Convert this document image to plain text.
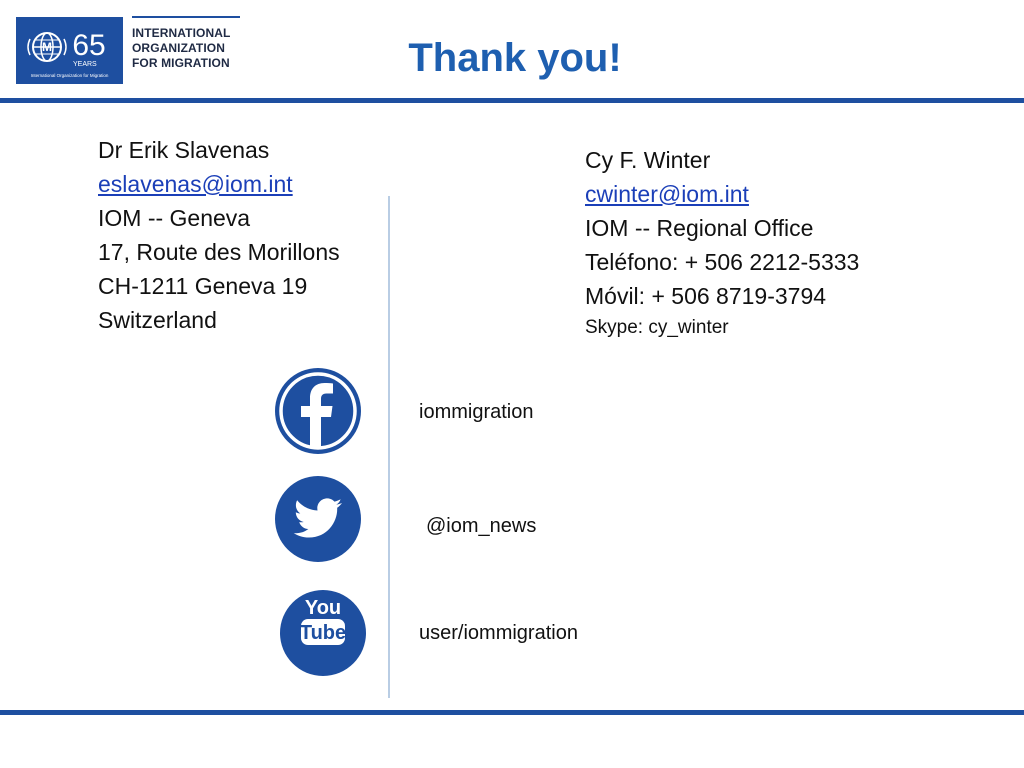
M 65
YEARS
International Organization for Migration
INTERNATIONAL
ORGANIZATION
FOR MIGRATION	Thank you!
Dr Erik Slavenas
eslavenas@iom.int
IOM -- Geneva
17, Route des Morillons
CH-1211 Geneva 19
Switzerland
Cy F. Winter
cwinter@iom.int
IOM -- Regional Office
Teléfono: + 506 2212-5333
Móvil: + 506 8719-3794
Skype: cy_winter
iommigration
@iom_news
You
Tube	user/iommigration
